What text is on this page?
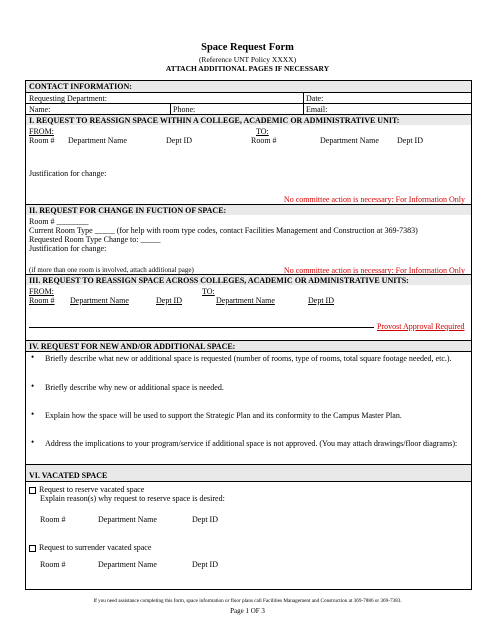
Space Request Form
(Reference UNT Policy XXXX)
ATTACH ADDITIONAL PAGES IF NECESSARY
CONTACT INFORMATION:
Requesting Department:	Date:
Name:	Phone:	Email:
I. REQUEST TO REASSIGN SPACE WITHIN A COLLEGE, ACADEMIC OR ADMINISTRATIVE UNIT:
FROM:	TO:
Room # Department Name	Dept ID	Room #	Department Name Dept ID
Justification for change:
No committee action is necessary: For Information Only
II. REQUEST FOR CHANGE IN FUCTION OF SPACE:
Room # ________
Current Room Type _____ (for help with room type codes, contact Facilities Management and Construction at 369-7383)
Requested Room Type Change to: _____
Justification for change:
(if more than one room is involved, attach additional page)	No committee action is necessary: For Information Only
III. REQUEST TO REASSIGN SPACE ACROSS COLLEGES, ACADEMIC OR ADMINISTRATIVE UNITS:
FROM:	TO:
Room # Department Name	Dept ID	Department Name	Dept ID
Provost Approval Required
IV. REQUEST FOR NEW AND/OR ADDITIONAL SPACE:
• Briefly describe what new or additional space is requested (number of rooms, type of rooms, total square footage needed, etc.).
• Briefly describe why new or additional space is needed.
• Explain how the space will be used to support the Strategic Plan and its conformity to the Campus Master Plan.
• Address the implications to your program/service if additional space is not approved. (You may attach drawings/floor diagrams):
VI. VACATED SPACE
Request to reserve vacated space
Explain reason(s) why request to reserve space is desired:
Room #	Department Name	Dept ID
Request to surrender vacated space
Room #	Department Name	Dept ID
If you need assistance completing this form, space information or floor plans call Facilities Management and Construction at 369-7886 or 369-7383.
Page 1 OF 3
